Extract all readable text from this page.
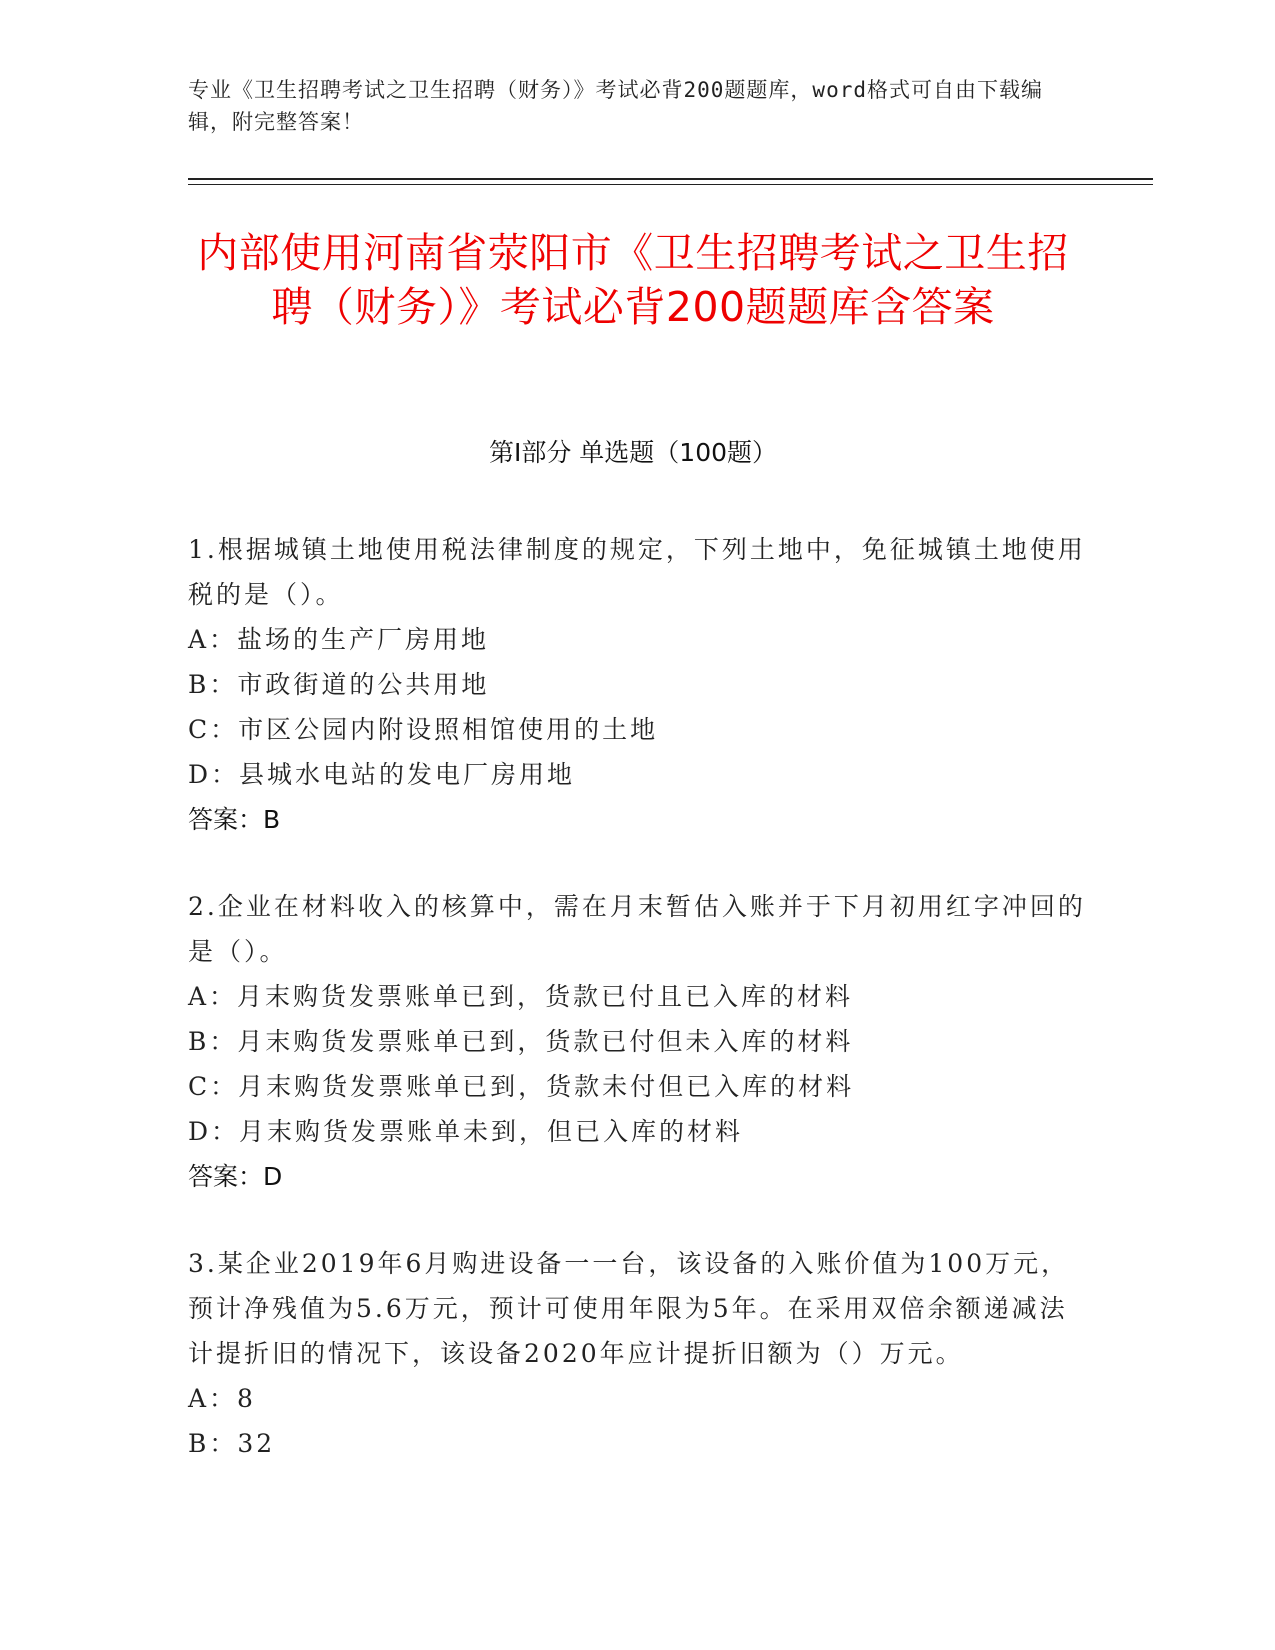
专业《卫生招聘考试之卫生招聘（财务）》考试必背200题题库，word格式可自由下载编辑，附完整答案！
内部使用河南省荥阳市《卫生招聘考试之卫生招聘（财务）》考试必背200题题库含答案
第I部分 单选题（100题）
1.根据城镇土地使用税法律制度的规定，下列土地中，免征城镇土地使用税的是（）。
A：盐场的生产厂房用地
B：市政街道的公共用地
C：市区公园内附设照相馆使用的土地
D：县城水电站的发电厂房用地
答案：B
2.企业在材料收入的核算中，需在月末暂估入账并于下月初用红字冲回的是（）。
A：月末购货发票账单已到，货款已付且已入库的材料
B：月末购货发票账单已到，货款已付但未入库的材料
C：月末购货发票账单已到，货款未付但已入库的材料
D：月末购货发票账单未到，但已入库的材料
答案：D
3.某企业2019年6月购进设备一一台，该设备的入账价值为100万元，预计净残值为5.6万元，预计可使用年限为5年。在采用双倍余额递减法计提折旧的情况下，该设备2020年应计提折旧额为（）万元。
A：8
B：32
